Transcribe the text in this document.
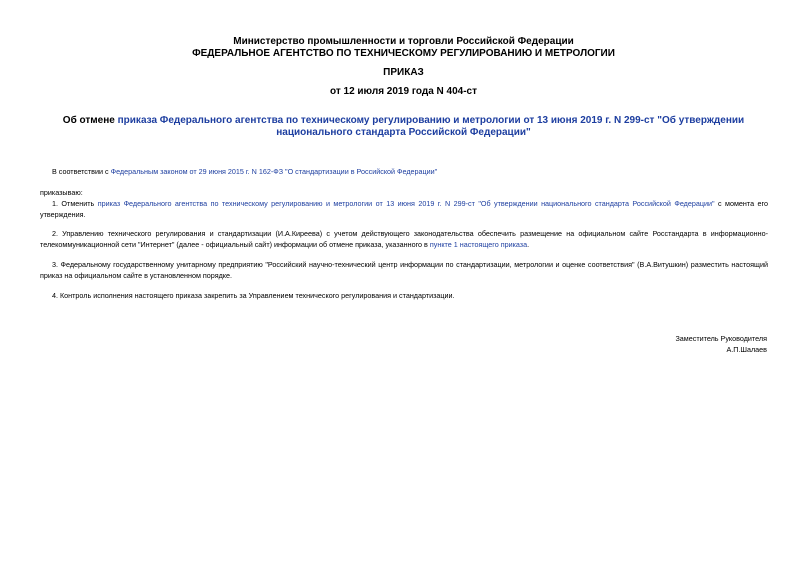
Министерство промышленности и торговли Российской Федерации
ФЕДЕРАЛЬНОЕ АГЕНТСТВО ПО ТЕХНИЧЕСКОМУ РЕГУЛИРОВАНИЮ И МЕТРОЛОГИИ
ПРИКАЗ
от 12 июля 2019 года N 404-ст
Об отмене приказа Федерального агентства по техническому регулированию и метрологии от 13 июня 2019 г. N 299-ст "Об утверждении национального стандарта Российской Федерации"
В соответствии с Федеральным законом от 29 июня 2015 г. N 162-ФЗ "О стандартизации в Российской Федерации"
приказываю:
1. Отменить приказ Федерального агентства по техническому регулированию и метрологии от 13 июня 2019 г. N 299-ст "Об утверждении национального стандарта Российской Федерации" с момента его утверждения.
2. Управлению технического регулирования и стандартизации (И.А.Киреева) с учетом действующего законодательства обеспечить размещение на официальном сайте Росстандарта в информационно-телекоммуникационной сети "Интернет" (далее - официальный сайт) информации об отмене приказа, указанного в пункте 1 настоящего приказа.
3. Федеральному государственному унитарному предприятию "Российский научно-технический центр информации по стандартизации, метрологии и оценке соответствия" (В.А.Витушкин) разместить настоящий приказ на официальном сайте в установленном порядке.
4. Контроль исполнения настоящего приказа закрепить за Управлением технического регулирования и стандартизации.
Заместитель Руководителя
А.П.Шалаев
